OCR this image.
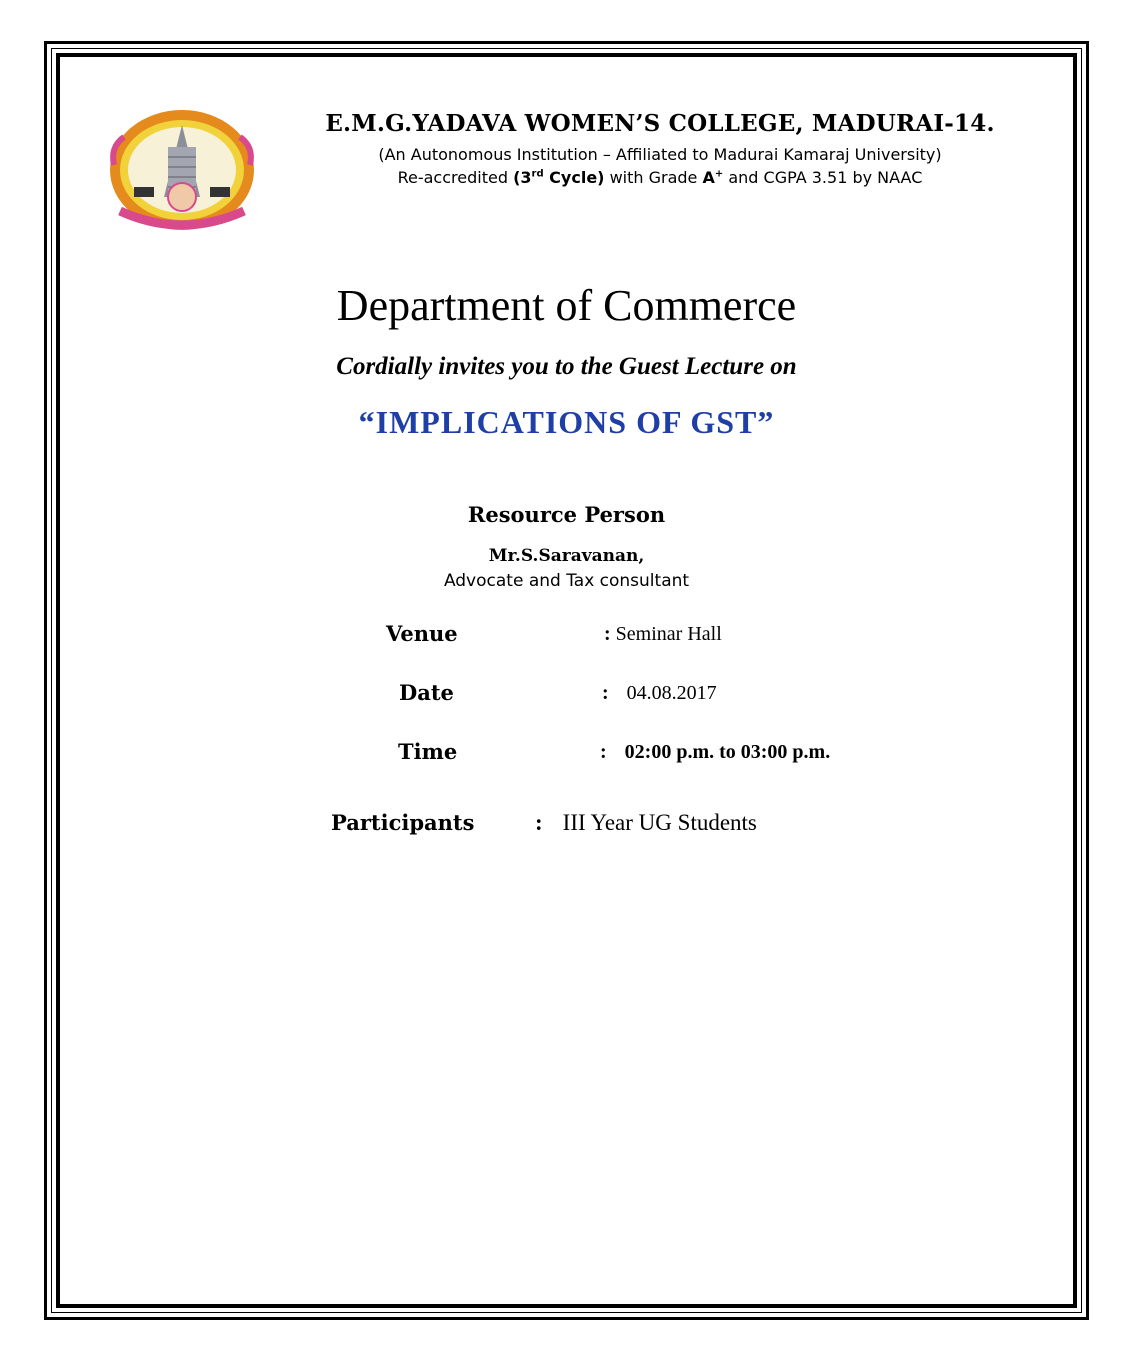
E.M.G.YADAVA WOMEN’S COLLEGE, MADURAI-14.
(An Autonomous Institution – Affiliated to Madurai Kamaraj University)
Re-accredited (3rd Cycle) with Grade A+ and CGPA 3.51 by NAAC
Department of Commerce
Cordially invites you to the Guest Lecture on
“IMPLICATIONS OF GST”
Resource Person
Mr.S.Saravanan,
Advocate and Tax consultant
Venue	: Seminar Hall
Date	: 04.08.2017
Time	: 02:00 p.m. to 03:00 p.m.
Participants	: III Year UG Students
